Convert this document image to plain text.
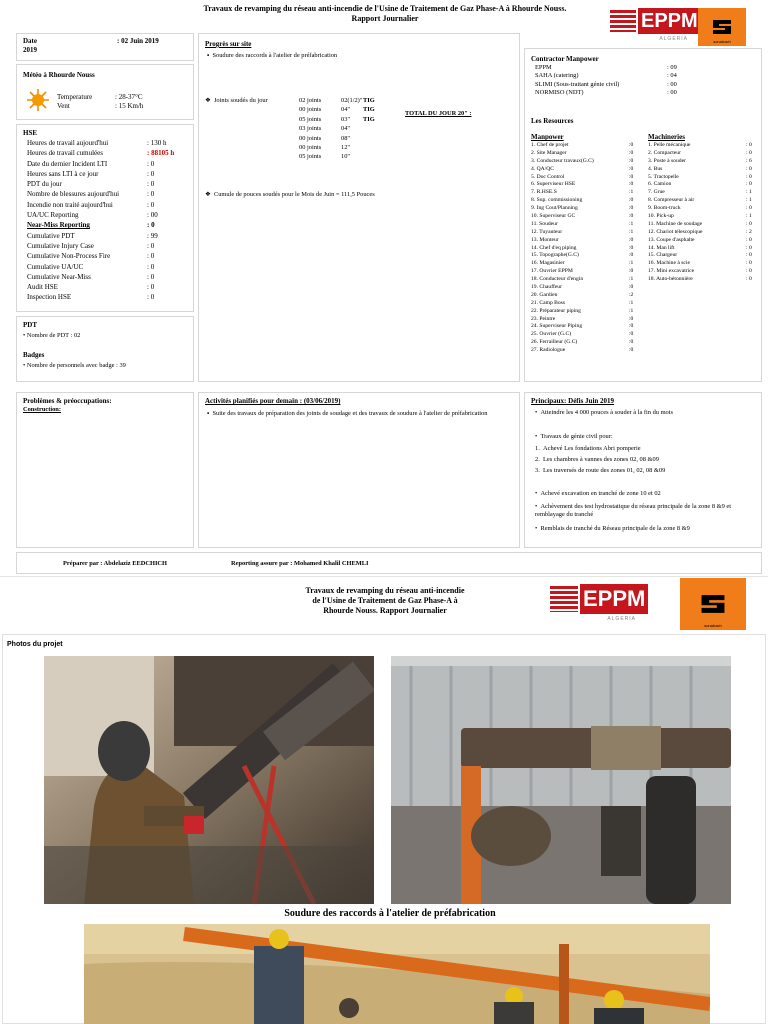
Travaux de revamping du réseau anti-incendie de l'Usine de Traitement de Gaz Phase-A à Rhourde Nouss.
Rapport Journalier	EPPM
ALGERIA	sonatrach
Date	: 02 Juin 2019
2019
Météo à Rhourde Nouss
Temperature	: 28-37°C
Vent	: 15 Km/h
HSE
Heures de travail aujourd'hui	: 130 h
Heures de travail cumulées	: 88105 h
Date du dernier Incident LTI	: 0
Heures sans LTI à ce jour	: 0
PDT du jour	: 0
Nombre de blessures aujourd'hui	: 0
Incendie non traité aujourd'hui	: 0
UA/UC Reporting	: 00
Near-Miss Reporting	: 0
Cumulative PDT	: 99
Cumulative Injury Case	: 0
Cumulative Non-Process Fire	: 0
Cumulative UA/UC	: 0
Cumulative Near-Miss	: 0
Audit HSE	: 0
Inspection HSE	: 0
PDT
• Nombre de PDT : 02
Badges
• Nombre de personnels avec badge : 39
Progrès sur site
▪  Soudure des raccords à l'atelier de préfabrication
❖  Joints soudés du jour	02 joints	02(1/2)" TIG
00 joints	04" TIG
05 joints	03" TIG
03 joints	04"
00 joints	08"
00 joints	12"
05 joints	10"
TOTAL DU JOUR 20" :
❖  Cumule de pouces soudés pour le Mois de Juin = 111,5 Pouces
Contractor Manpower
EPPM	: 09
SAHA (catering)	: 04
SLIMI (Sous-traitant génie civil)	: 00
NORMISO (NDT)	: 00
Les Resources
Manpower	Machineries
1. Chef de projet	:0
2. Site Manager	:0
3. Conducteur travaux(G.C)	:0
4. QA/QC	:0
5. Doc Control	:0
6. Superviseur HSE	:0
7. R.HSE.S	:1
8. Sup. commissioning	:0
9. Ing Cout/Planning	:0
10. Superviseur GC	:0
11. Soudeur	:1
12. Tuyauteur	:1
13. Monteur	:0
14. Chef d'eq piping	:0
15. Topographe(G.C)	:0
16. Magasinier	:1
17. Ouvrier EPPM	:0
18. Conducteur d'engin	:1
19. Chauffeur	:0
20. Gardien	:2
21. Camp Boss	:1
22. Préparateur piping	:1
23. Peintre	:0
24. Superviseur Piping	:0
25. Ouvrier (G.C)	:0
26. Ferrailleur (G.C)	:0
27. Radiologue	:0
1. Pelle mécanique	: 0
2. Compacteur	: 0
3. Poste à souder	: 6
4. Bus	: 0
5. Tractopelle	: 0
6. Camion	: 0
7. Grue	: 1
8. Compresseur à air	: 1
9. Boom-truck	: 0
10. Pick-up	: 1
11. Machine de soudage	: 0
12. Chariot télescopique	: 2
13. Coupe d'asphalte	: 0
14. Man lift	: 0
15. Chargeur	: 0
16. Machine à scie	: 0
17. Mini excavatrice	: 0
18. Auto-bétonnière	: 0
Problèmes & préoccupations:
Construction:
Activités planifiés pour demain : (03/06/2019)
▪  Suite des travaux de préparation des joints de soudage et des travaux de soudure à l'atelier de préfabrication
Principaux: Défis Juin 2019
•  Atteindre les 4 000 pouces à souder à la fin du mois
•  Travaux de génie civil pour:
1.  Achevé Les fondations Abri pomperie
2.  Les chambres à vannes des zones 02, 08 &09
3.  Les traversés de route des zones 01, 02, 08 &09
•  Achevé excavation en tranché de zone 10 et 02
•  Achèvement des test hydrostatique du réseau principale de la zone 8 &9 et remblayage du tranché
•  Remblais de tranché du Réseau principale de la zone 8 &9
Préparer par : Abdelaziz EEDCHICH	Reporting assure par : Mohamed Khalil CHEMLI
Travaux de revamping du réseau anti-incendie
de l'Usine de Traitement de Gaz Phase-A à
Rhourde Nouss. Rapport Journalier	EPPM
ALGERIA
sonatrach
Photos du projet
Soudure des raccords à l'atelier de préfabrication
